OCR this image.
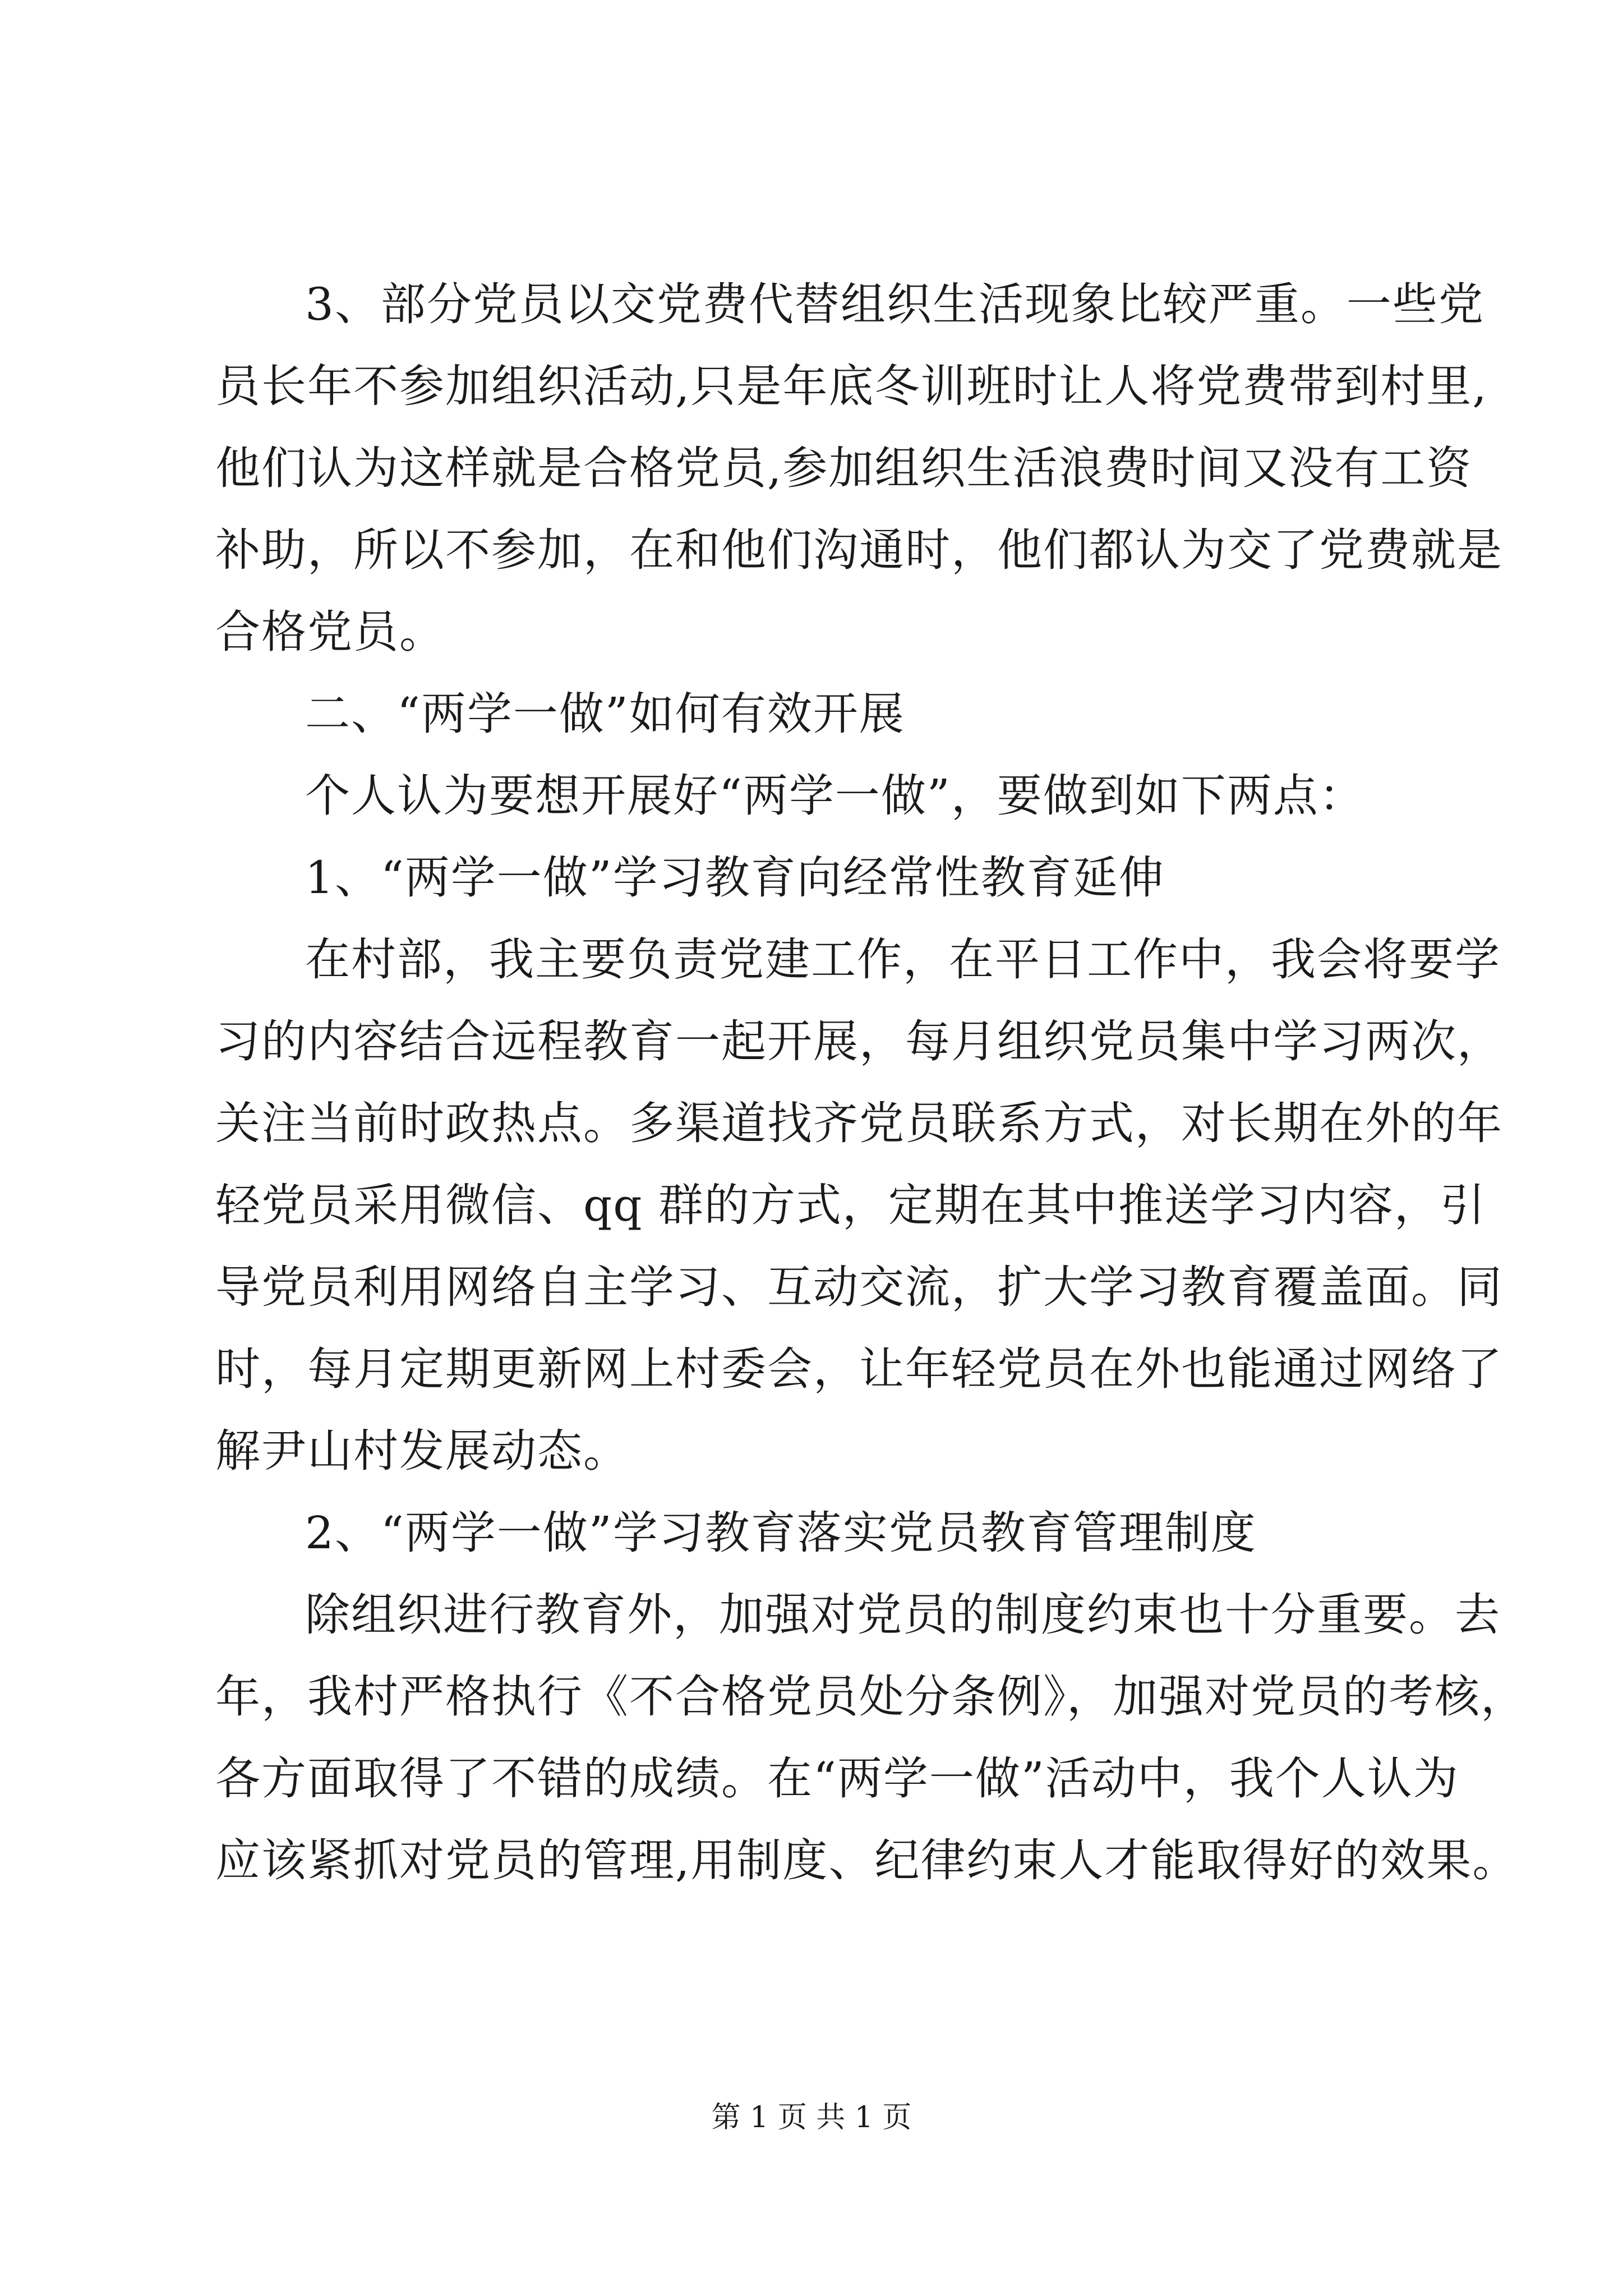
3、部分党员以交党费代替组织生活现象比较严重。一些党
员长年不参加组织活动,只是年底冬训班时让人将党费带到村里,
他们认为这样就是合格党员,参加组织生活浪费时间又没有工资
补助，所以不参加，在和他们沟通时，他们都认为交了党费就是
合格党员。
二、“两学一做”如何有效开展
个人认为要想开展好“两学一做”，要做到如下两点：
1、“两学一做”学习教育向经常性教育延伸
在村部，我主要负责党建工作，在平日工作中，我会将要学
习的内容结合远程教育一起开展，每月组织党员集中学习两次，
关注当前时政热点。多渠道找齐党员联系方式，对长期在外的年
轻党员采用微信、qq 群的方式，定期在其中推送学习内容，引
导党员利用网络自主学习、互动交流，扩大学习教育覆盖面。同
时，每月定期更新网上村委会，让年轻党员在外也能通过网络了
解尹山村发展动态。
2、“两学一做”学习教育落实党员教育管理制度
除组织进行教育外，加强对党员的制度约束也十分重要。去
年，我村严格执行《不合格党员处分条例》，加强对党员的考核，
各方面取得了不错的成绩。在“两学一做”活动中，我个人认为
应该紧抓对党员的管理,用制度、纪律约束人才能取得好的效果。
第 1 页 共 1 页
